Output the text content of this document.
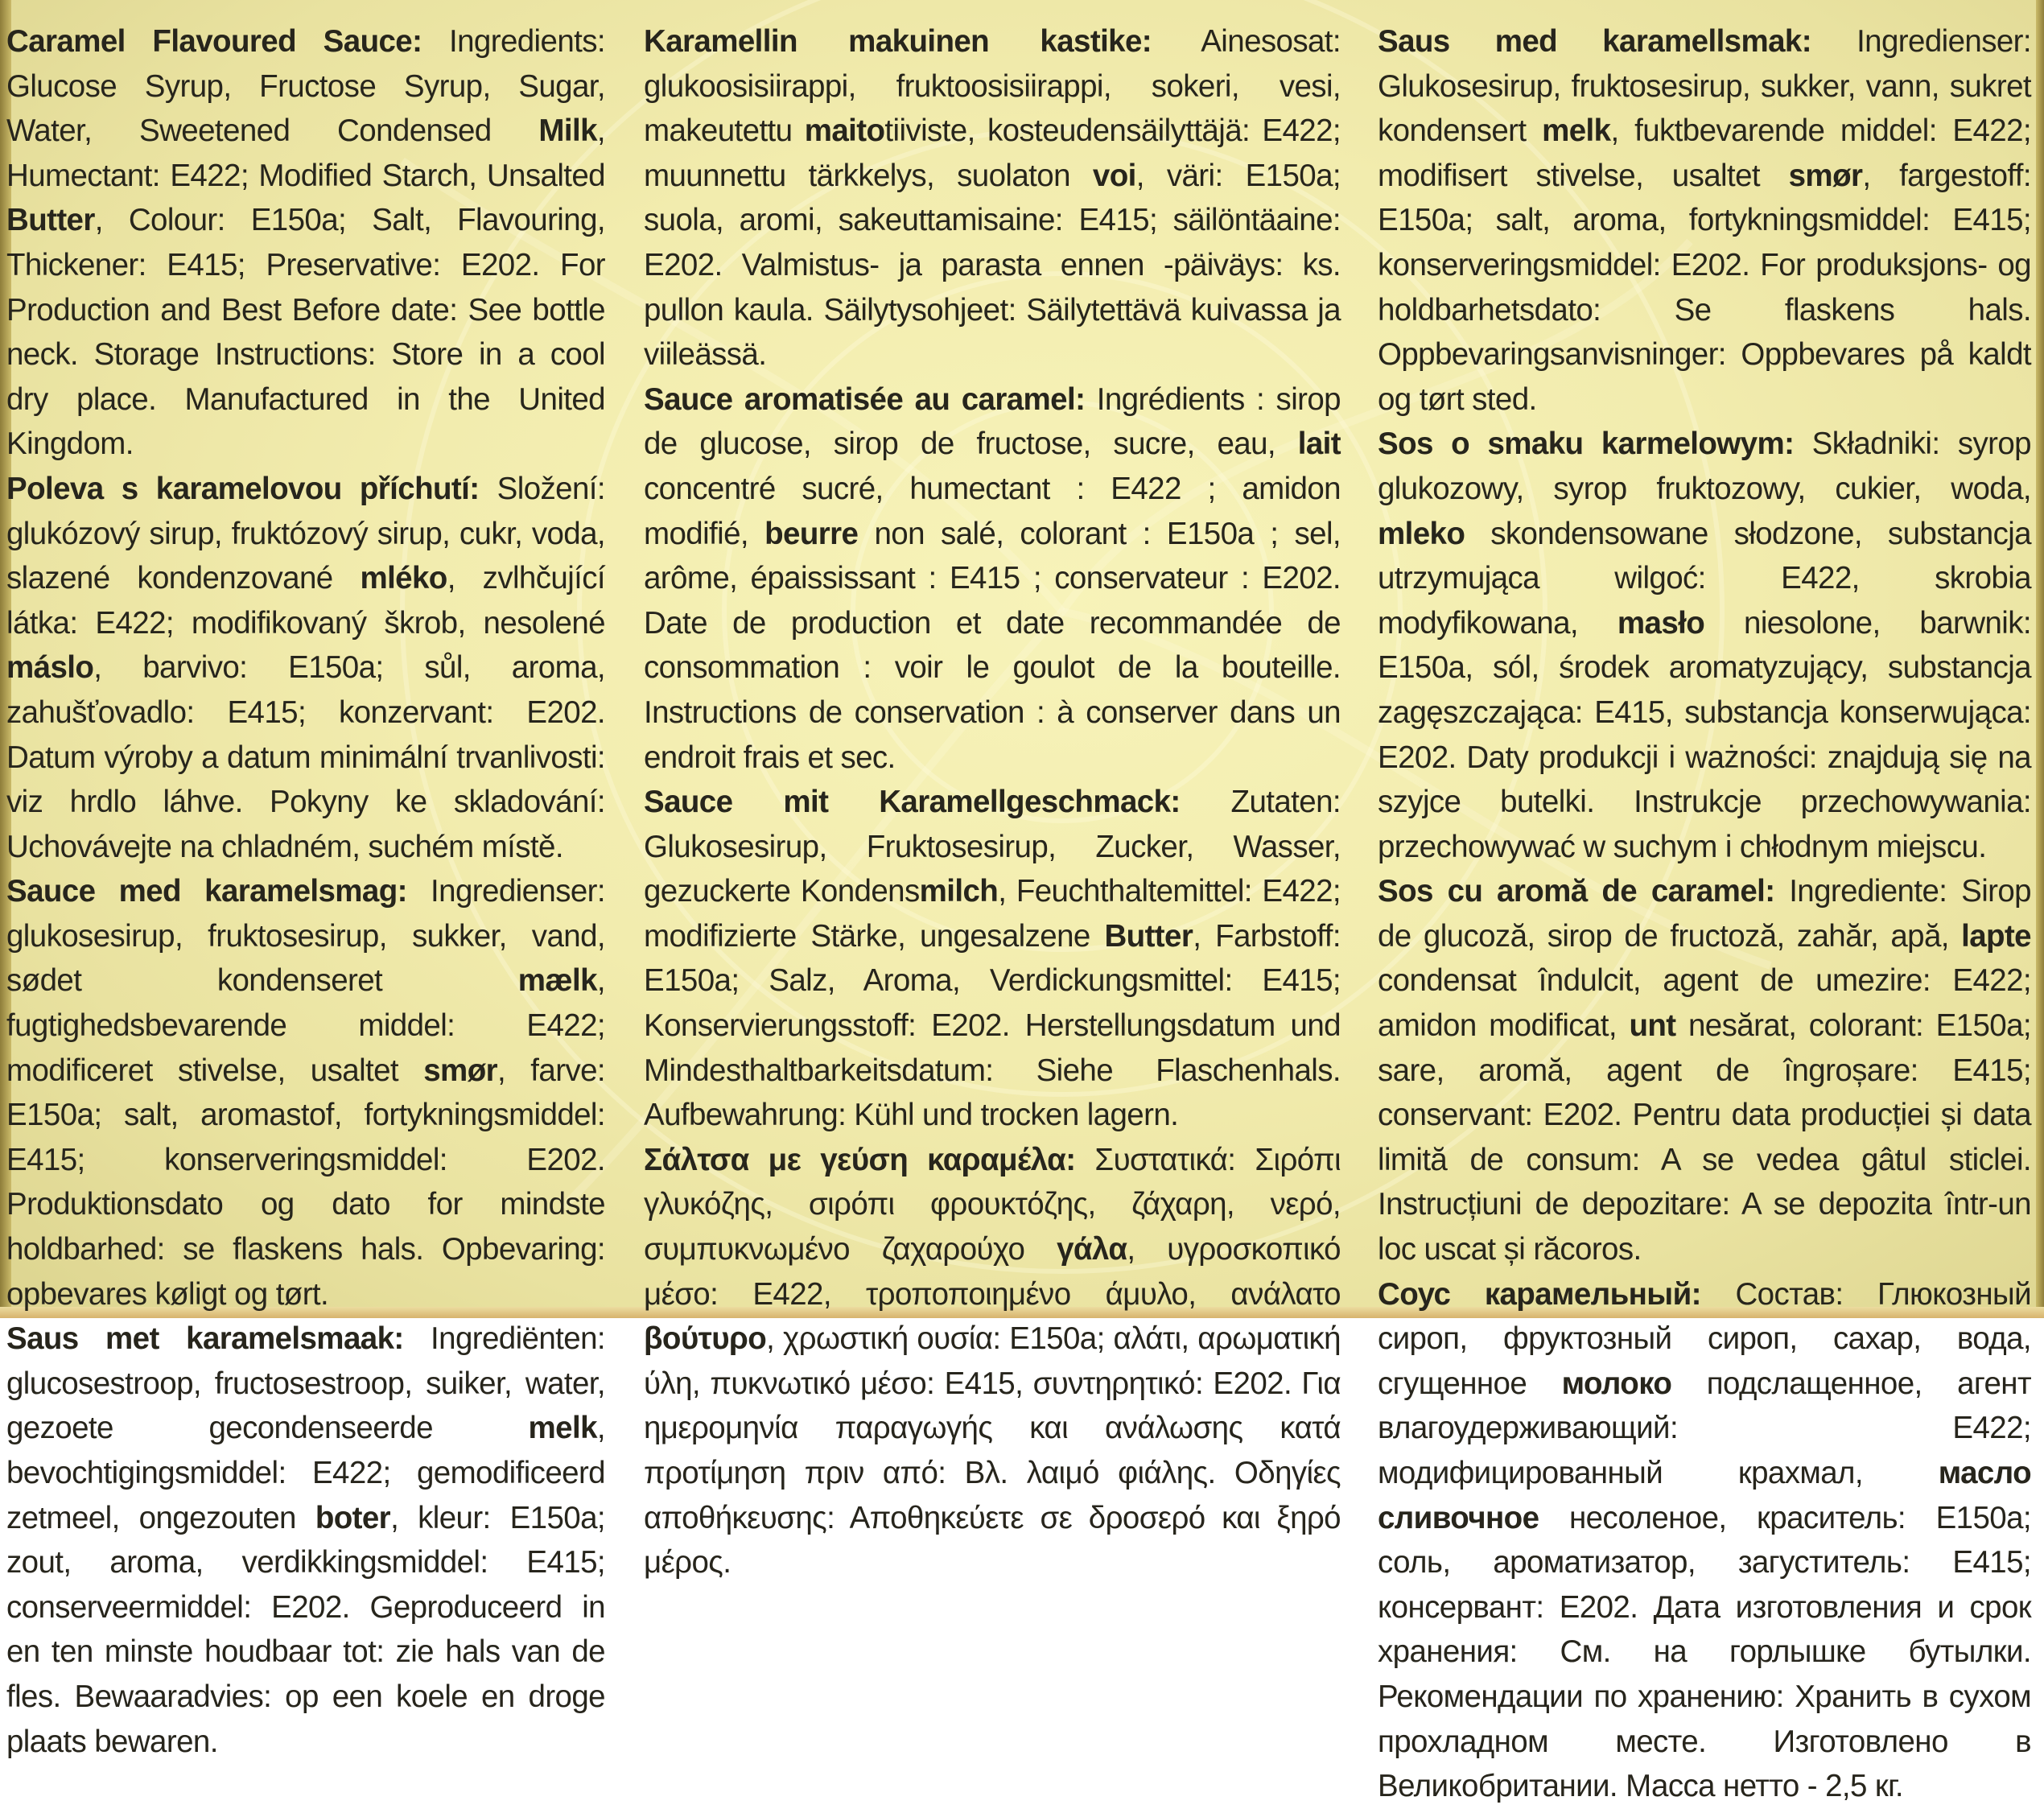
Caramel Flavoured Sauce: Ingredients: Glucose Syrup, Fructose Syrup, Sugar, Water, Sweetened Condensed Milk, Humectant: E422; Modified Starch, Unsalted Butter, Colour: E150a; Salt, Flavouring, Thickener: E415; Preservative: E202. For Production and Best Before date: See bottle neck. Storage Instructions: Store in a cool dry place. Manufactured in the United Kingdom.

Poleva s karamelovou příchutí: Složení: glukózový sirup, fruktózový sirup, cukr, voda, slazené kondenzované mléko, zvlhčující látka: E422; modifikovaný škrob, nesolené máslo, barvivo: E150a; sůl, aroma, zahušťovadlo: E415; konzervant: E202. Datum výroby a datum minimální trvanlivosti: viz hrdlo láhve. Pokyny ke skladování: Uchovávejte na chladném, suchém místě.

Sauce med karamelsmag: Ingredienser: glukosesirup, fruktosesirup, sukker, vand, sødet kondenseret mælk, fugtighedsbevarende middel: E422; modificeret stivelse, usaltet smør, farve: E150a; salt, aromastof, fortykningsmiddel: E415; konserveringsmiddel: E202. Produktionsdato og dato for mindste holdbarhed: se flaskens hals. Opbevaring: opbevares køligt og tørt.

Saus met karamelsmaak: Ingrediënten: glucosestroop, fructosestroop, suiker, water, gezoete gecondenseerde melk, bevochtigingsmiddel: E422; gemodificeerd zetmeel, ongezouten boter, kleur: E150a; zout, aroma, verdikkingsmiddel: E415; conserveermiddel: E202. Geproduceerd in en ten minste houdbaar tot: zie hals van de fles. Bewaaradvies: op een koele en droge plaats bewaren.

Karamellin makuinen kastike: Ainesosat: glukoosisiirappi, fruktoosisiirappi, sokeri, vesi, makeutettu maitotiiviste, kosteudensäilyttäjä: E422; muunnettu tärkkelys, suolaton voi, väri: E150a; suola, aromi, sakeuttamisaine: E415; säilöntäaine: E202. Valmistus- ja parasta ennen -päiväys: ks. pullon kaula. Säilytysohjeet: Säilytettävä kuivassa ja viileässä.

Sauce aromatisée au caramel: Ingrédients : sirop de glucose, sirop de fructose, sucre, eau, lait concentré sucré, humectant : E422 ; amidon modifié, beurre non salé, colorant : E150a ; sel, arôme, épaississant : E415 ; conservateur : E202. Date de production et date recommandée de consommation : voir le goulot de la bouteille. Instructions de conservation : à conserver dans un endroit frais et sec.

Sauce mit Karamellgeschmack: Zutaten: Glukosesirup, Fruktosesirup, Zucker, Wasser, gezuckerte Kondensmilch, Feuchthaltemittel: E422; modifizierte Stärke, ungesalzene Butter, Farbstoff: E150a; Salz, Aroma, Verdickungsmittel: E415; Konservierungsstoff: E202. Herstellungsdatum und Mindesthaltbarkeitsdatum: Siehe Flaschenhals. Aufbewahrung: Kühl und trocken lagern.

Σάλτσα με γεύση καραμέλα: Συστατικά: Σιρόπι γλυκόζης, σιρόπι φρουκτόζης, ζάχαρη, νερό, συμπυκνωμένο ζαχαρούχο γάλα, υγροσκοπικό μέσο: E422, τροποποιημένο άμυλο, ανάλατο βούτυρο, χρωστική ουσία: E150a; αλάτι, αρωματική ύλη, πυκνωτικό μέσο: E415, συντηρητικό: E202. Για ημερομηνία παραγωγής και ανάλωσης κατά προτίμηση πριν από: Βλ. λαιμό φιάλης. Οδηγίες αποθήκευσης: Αποθηκεύετε σε δροσερό και ξηρό μέρος.

Saus med karamellsmak: Ingredienser: Glukosesirup, fruktosesirup, sukker, vann, sukret kondensert melk, fuktbevarende middel: E422; modifisert stivelse, usaltet smør, fargestoff: E150a; salt, aroma, fortykningsmiddel: E415; konserveringsmiddel: E202. For produksjons- og holdbarhetsdato: Se flaskens hals. Oppbevaringsanvisninger: Oppbevares på kaldt og tørt sted.

Sos o smaku karmelowym: Składniki: syrop glukozowy, syrop fruktozowy, cukier, woda, mleko skondensowane słodzone, substancja utrzymująca wilgoć: E422, skrobia modyfikowana, masło niesolone, barwnik: E150a, sól, środek aromatyzujący, substancja zagęszczająca: E415, substancja konserwująca: E202. Daty produkcji i ważności: znajdują się na szyjce butelki. Instrukcje przechowywania: przechowywać w suchym i chłodnym miejscu.

Sos cu aromă de caramel: Ingrediente: Sirop de glucoză, sirop de fructoză, zahăr, apă, lapte condensat îndulcit, agent de umezire: E422; amidon modificat, unt nesărat, colorant: E150a; sare, aromă, agent de îngroșare: E415; conservant: E202. Pentru data producției și data limită de consum: A se vedea gâtul sticlei. Instrucțiuni de depozitare: A se depozita într-un loc uscat și răcoros.

Соус карамельный: Состав: Глюкозный сироп, фруктозный сироп, сахар, вода, сгущенное молоко подслащенное, агент влагоудерживающий: E422; модифицированный крахмал, масло сливочное несоленое, краситель: E150a; соль, ароматизатор, загуститель: E415; консервант: E202. Дата изготовления и срок хранения: См. на горлышке бутылки. Рекомендации по хранению: Хранить в сухом прохладном месте. Изготовлено в Великобритании. Масса нетто - 2,5 кг.
